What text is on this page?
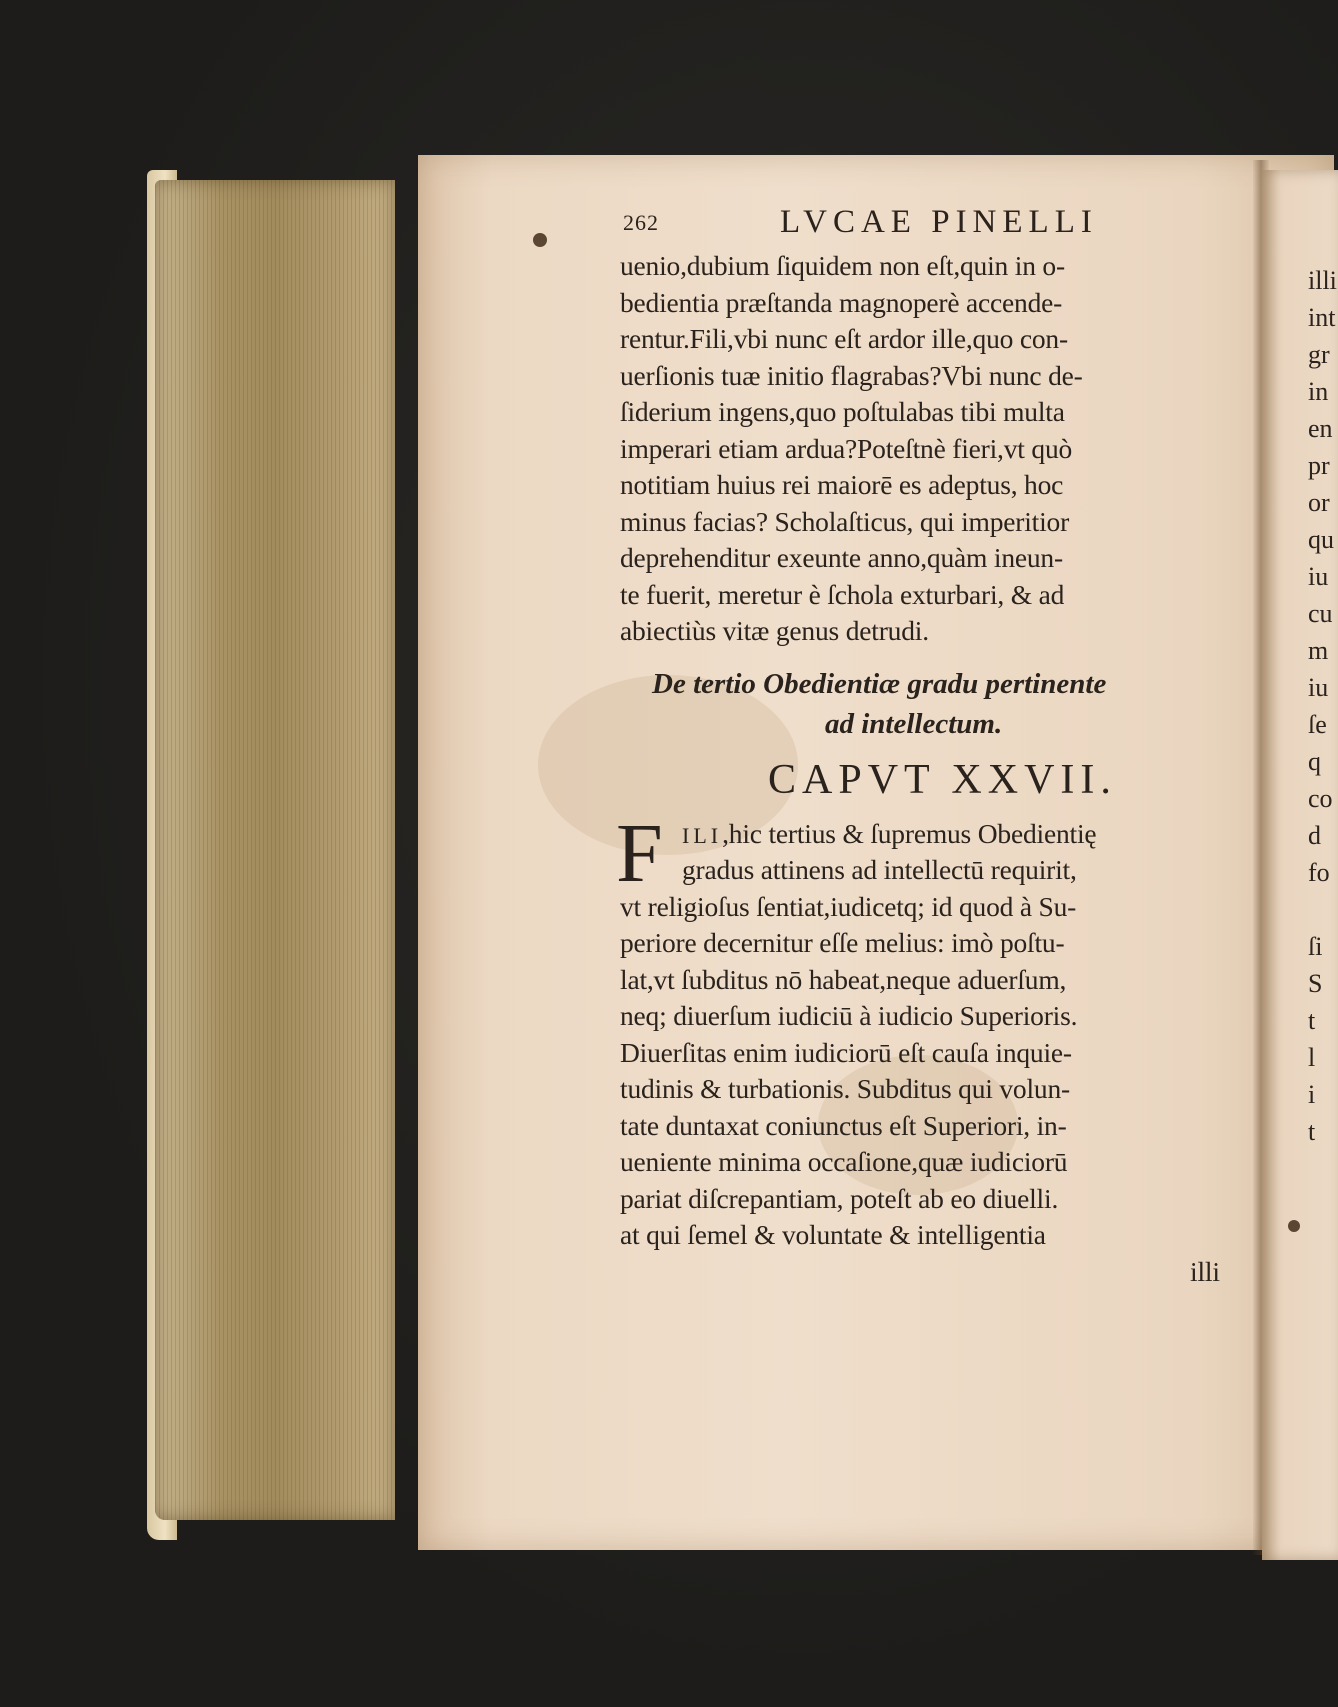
262	LVCAE PINELLI
uenio,dubium ſiquidem non eſt,quin in o-
bedientia præſtanda magnoperè accende-
rentur.Fili,vbi nunc eſt ardor ille,quo con-
uerſionis tuæ initio flagrabas?Vbi nunc de-
ſiderium ingens,quo poſtulabas tibi multa
imperari etiam ardua?Poteſtnè fieri,vt quò
notitiam huius rei maiorē es adeptus, hoc
minus facias? Scholaſticus, qui imperitior
deprehenditur exeunte anno,quàm ineun-
te fuerit, meretur è ſchola exturbari, & ad
abiectiùs vitæ genus detrudi.
De tertio Obedientiæ gradu pertinente
ad intellectum.
CAPVT XXVII.
F ILI,hic tertius & ſupremus Obedientię
gradus attinens ad intellectū requirit,
vt religioſus ſentiat,iudicetq; id quod à Su-
periore decernitur eſſe melius: imò poſtu-
lat,vt ſubditus nō habeat,neque aduerſum,
neq; diuerſum iudiciū à iudicio Superioris.
Diuerſitas enim iudiciorū eſt cauſa inquie-
tudinis & turbationis. Subditus qui volun-
tate duntaxat coniunctus eſt Superiori, in-
ueniente minima occaſione,quæ iudiciorū
pariat diſcrepantiam, poteſt ab eo diuelli.
at qui ſemel & voluntate & intelligentia
illi
illi
int
gr
in
en
pr
or
qu
iu
cu
m
iu
ſe
q
co
d
fo
ſi
S
t
l
i
t
